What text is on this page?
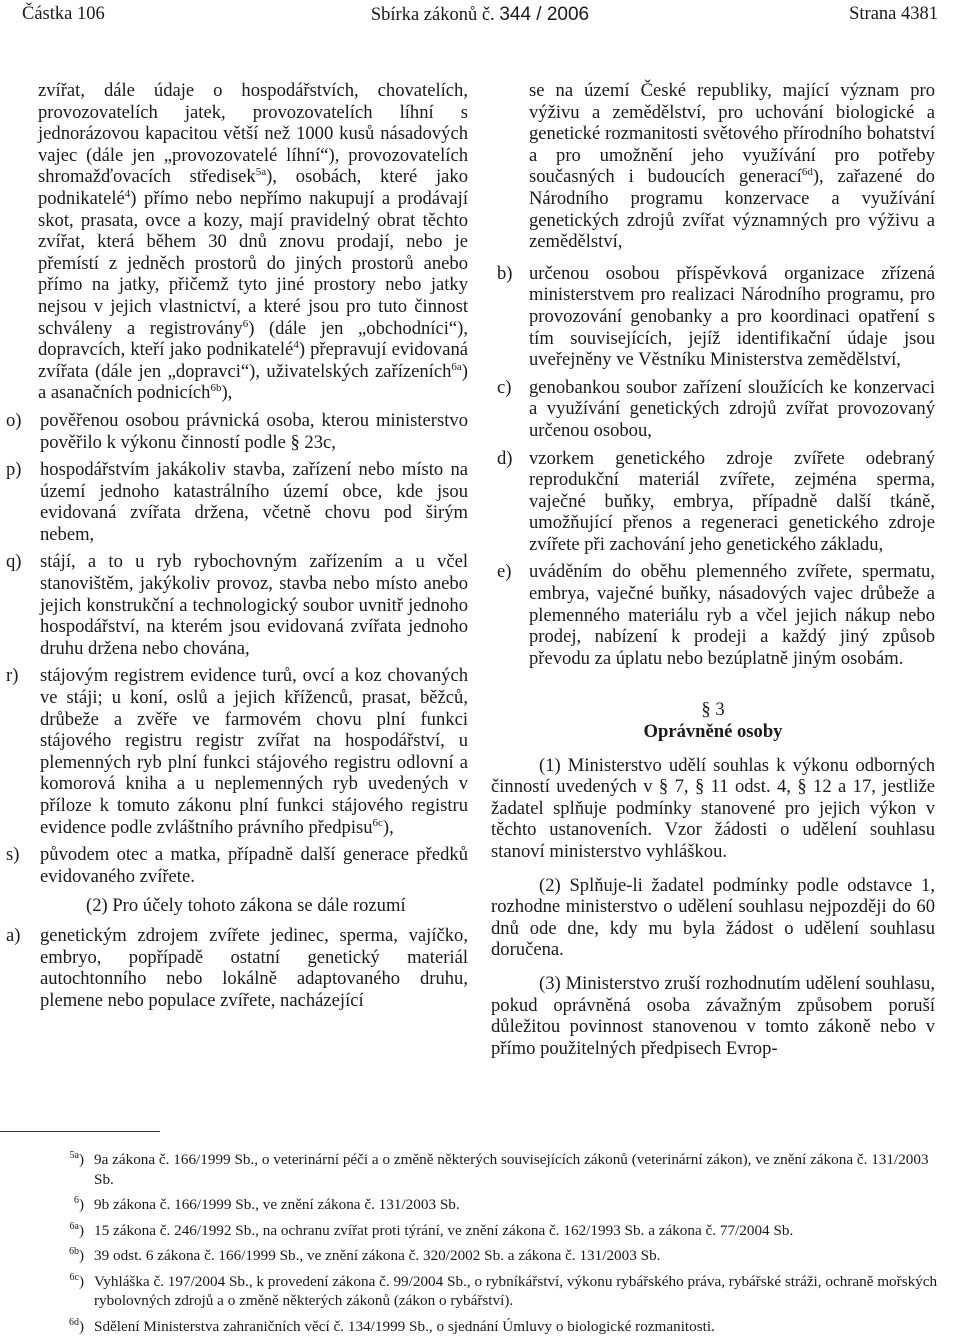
Částka 106	Sbírka zákonů č. 344 / 2006	Strana 4381

zvířat, dále údaje o hospodářstvích, chovatelích, provozovatelích jatek, provozovatelích líhní s jednorázovou kapacitou větší než 1000 kusů násadových vajec (dále jen „provozovatelé líhní“), provozovatelích shromažďovacích středisek$^{5a}$), osobách, které jako podnikatelé$^4$) přímo nebo nepřímo nakupují a prodávají skot, prasata, ovce a kozy, mají pravidelný obrat těchto zvířat, která během 30 dnů znovu prodají, nebo je přemístí z jedněch prostorů do jiných prostorů anebo přímo na jatky, přičemž tyto jiné prostory nebo jatky nejsou v jejich vlastnictví, a které jsou pro tuto činnost schváleny a registrovány$^6$) (dále jen „obchodníci“), dopravcích, kteří jako podnikatelé$^4$) přepravují evidovaná zvířata (dále jen „dopravci“), uživatelských zařízeních$^{6a}$) a asanačních podnicích$^{6b}$),

o) pověřenou osobou právnická osoba, kterou ministerstvo pověřilo k výkonu činností podle § 23c,
p) hospodářstvím jakákoliv stavba, zařízení nebo místo na území jednoho katastrálního území obce, kde jsou evidovaná zvířata držena, včetně chovu pod širým nebem,
q) stájí, a to u ryb rybochovným zařízením a u včel stanovištěm, jakýkoliv provoz, stavba nebo místo anebo jejich konstrukční a technologický soubor uvnitř jednoho hospodářství, na kterém jsou evidovaná zvířata jednoho druhu držena nebo chována,
r)	stájovým registrem evidence turů, ovcí a koz chovaných ve stáji; u koní, oslů a jejich kříženců, prasat, běžců, drůbeže a zvěře ve farmovém chovu plní funkci stájového registru registr zvířat na hospodářství, u plemenných ryb plní funkci stájového registru odlovní a komorová kniha a u neplemenných ryb uvedených v příloze k tomuto zákonu plní funkci stájového registru evidence podle zvláštního právního předpisu$^{6c}$),
s)	původem otec a matka, případně další generace předků evidovaného zvířete.

(2) Pro účely tohoto zákona se dále rozumí

a)	genetickým zdrojem zvířete jedinec, sperma, vajíčko, embryo, popřípadě ostatní genetický materiál autochtonního nebo lokálně adaptovaného druhu, plemene nebo populace zvířete, nacházející

se na území České republiky, mající význam pro výživu a zemědělství, pro uchování biologické a genetické rozmanitosti světového přírodního bohatství a pro umožnění jeho využívání pro potřeby současných i budoucích generací$^{6d}$), zařazené do Národního programu konzervace a využívání genetických zdrojů zvířat významných pro výživu a zemědělství,

b) určenou osobou příspěvková organizace zřízená ministerstvem pro realizaci Národního programu, pro provozování genobanky a pro koordinaci opatření s tím souvisejících, jejíž identifikační údaje jsou uveřejněny ve Věstníku Ministerstva zemědělství,
c) genobankou soubor zařízení sloužících ke konzervaci a využívání genetických zdrojů zvířat provozovaný určenou osobou,
d) vzorkem genetického zdroje zvířete odebraný reprodukční materiál zvířete, zejména sperma, vaječné buňky, embrya, případně další tkáně, umožňující přenos a regeneraci genetického zdroje zvířete při zachování jeho genetického základu,
e) uváděním do oběhu plemenného zvířete, spermatu, embrya, vaječné buňky, násadových vajec drůbeže a plemenného materiálu ryb a včel jejich nákup nebo prodej, nabízení k prodeji a každý jiný způsob převodu za úplatu nebo bezúplatně jiným osobám.
§ 3
Oprávněné osoby

(1) Ministerstvo udělí souhlas k výkonu odborných činností uvedených v § 7, § 11 odst. 4, § 12 a 17, jestliže žadatel splňuje podmínky stanovené pro jejich výkon v těchto ustanoveních. Vzor žádosti o udělení souhlasu stanoví ministerstvo vyhláškou.

(2) Splňuje-li žadatel podmínky podle odstavce 1, rozhodne ministerstvo o udělení souhlasu nejpozději do 60 dnů ode dne, kdy mu byla žádost o udělení souhlasu doručena.

(3) Ministerstvo zruší rozhodnutím udělení souhlasu, pokud oprávněná osoba závažným způsobem poruší důležitou povinnost stanovenou v tomto zákoně nebo v přímo použitelných předpisech Evrop-

$^{5a}$) 9a zákona č. 166/1999 Sb., o veterinární péči a o změně některých souvisejících zákonů (veterinární zákon), ve znění zákona č. 131/2003 Sb.
$^6$) 9b zákona č. 166/1999 Sb., ve znění zákona č. 131/2003 Sb.
$^{6a}$) 15 zákona č. 246/1992 Sb., na ochranu zvířat proti týrání, ve znění zákona č. 162/1993 Sb. a zákona č. 77/2004 Sb.
$^{6b}$) 39 odst. 6 zákona č. 166/1999 Sb., ve znění zákona č. 320/2002 Sb. a zákona č. 131/2003 Sb.
$^{6c}$) Vyhláška č. 197/2004 Sb., k provedení zákona č. 99/2004 Sb., o rybníkářství, výkonu rybářského práva, rybářské stráži, ochraně mořských rybolovných zdrojů a o změně některých zákonů (zákon o rybářství).
$^{6d}$) Sdělení Ministerstva zahraničních věcí č. 134/1999 Sb., o sjednání Úmluvy o biologické rozmanitosti.
